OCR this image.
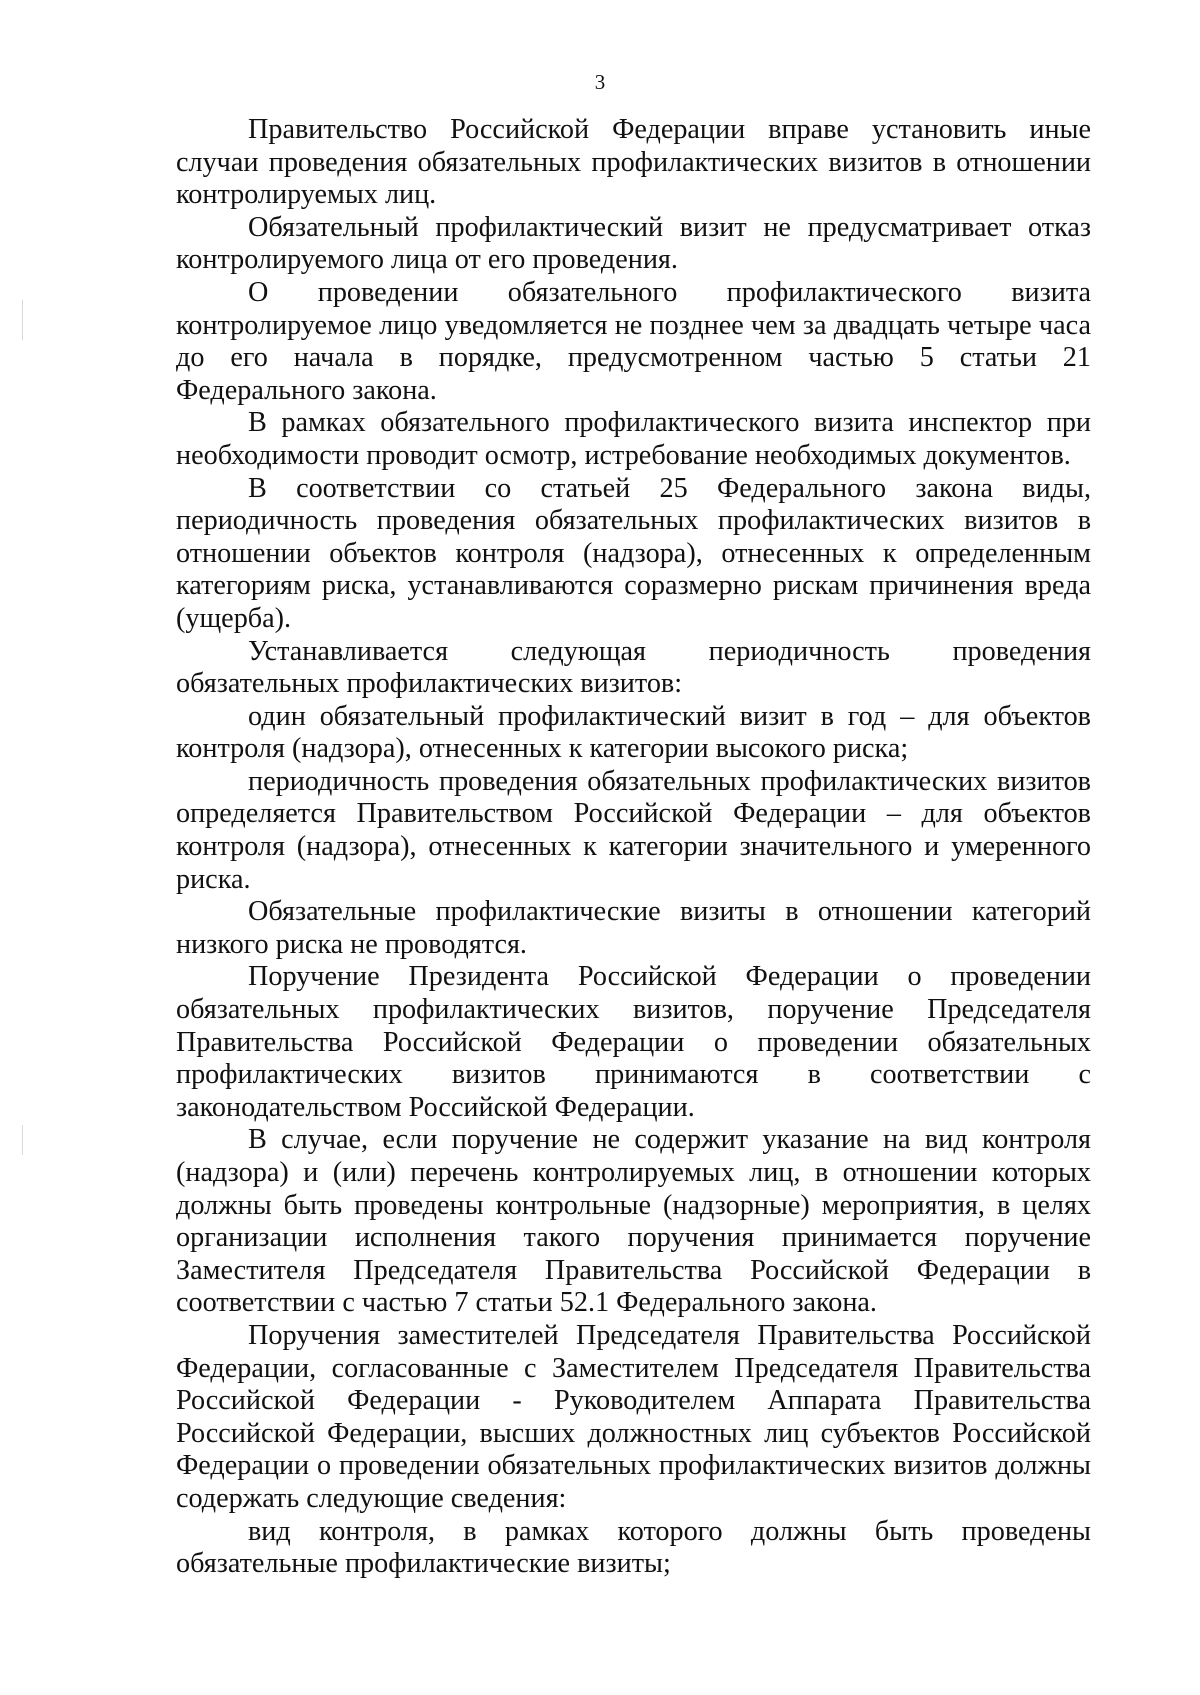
3

Правительство Российской Федерации вправе установить иные случаи проведения обязательных профилактических визитов в отношении контролируемых лиц.

Обязательный профилактический визит не предусматривает отказ контролируемого лица от его проведения.

О проведении обязательного профилактического визита контролируемое лицо уведомляется не позднее чем за двадцать четыре часа до его начала в порядке, предусмотренном частью 5 статьи 21 Федерального закона.

В рамках обязательного профилактического визита инспектор при необходимости проводит осмотр, истребование необходимых документов.

В соответствии со статьей 25 Федерального закона виды, периодичность проведения обязательных профилактических визитов в отношении объектов контроля (надзора), отнесенных к определенным категориям риска, устанавливаются соразмерно рискам причинения вреда (ущерба).

Устанавливается следующая периодичность проведения обязательных профилактических визитов:

один обязательный профилактический визит в год – для объектов контроля (надзора), отнесенных к категории высокого риска;

периодичность проведения обязательных профилактических визитов определяется Правительством Российской Федерации – для объектов контроля (надзора), отнесенных к категории значительного и умеренного риска.

Обязательные профилактические визиты в отношении категорий низкого риска не проводятся.

Поручение Президента Российской Федерации о проведении обязательных профилактических визитов, поручение Председателя Правительства Российской Федерации о проведении обязательных профилактических визитов принимаются в соответствии с законодательством Российской Федерации.

В случае, если поручение не содержит указание на вид контроля (надзора) и (или) перечень контролируемых лиц, в отношении которых должны быть проведены контрольные (надзорные) мероприятия, в целях организации исполнения такого поручения принимается поручение Заместителя Председателя Правительства Российской Федерации в соответствии с частью 7 статьи 52.1 Федерального закона.

Поручения заместителей Председателя Правительства Российской Федерации, согласованные с Заместителем Председателя Правительства Российской Федерации - Руководителем Аппарата Правительства Российской Федерации, высших должностных лиц субъектов Российской Федерации о проведении обязательных профилактических визитов должны содержать следующие сведения:

вид контроля, в рамках которого должны быть проведены обязательные профилактические визиты;
